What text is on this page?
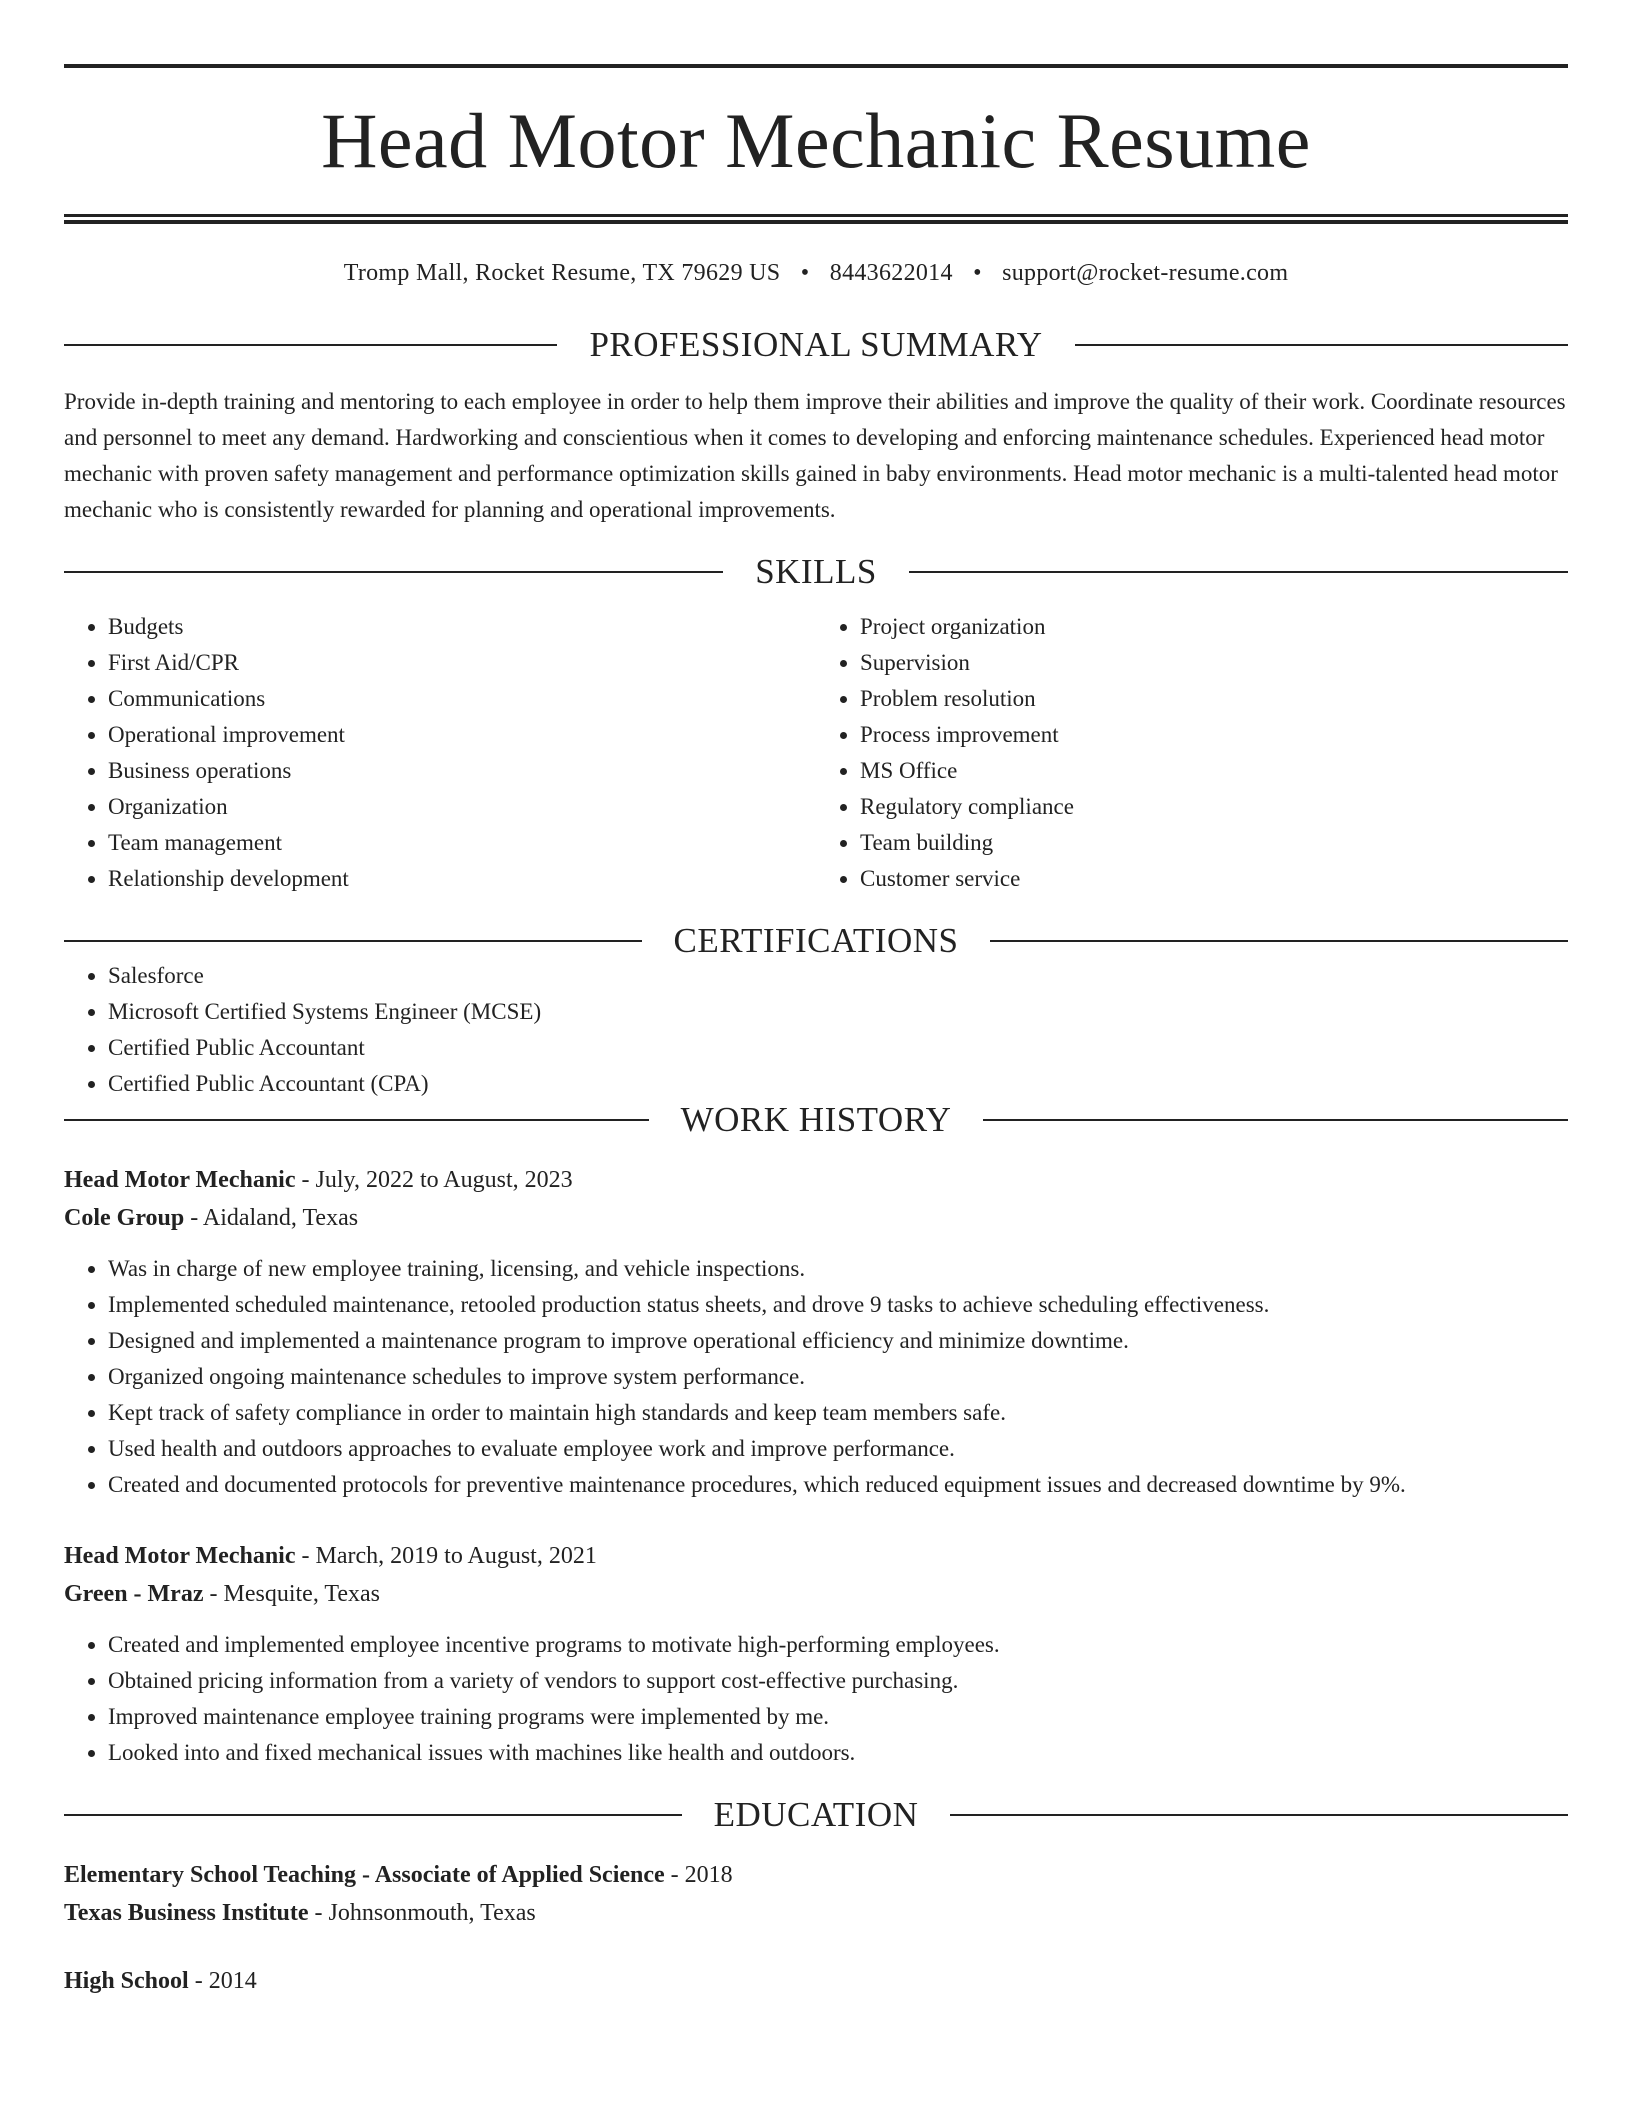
Head Motor Mechanic Resume
Tromp Mall, Rocket Resume, TX 79629 US • 8443622014 • support@rocket-resume.com
PROFESSIONAL SUMMARY
Provide in-depth training and mentoring to each employee in order to help them improve their abilities and improve the quality of their work. Coordinate resources and personnel to meet any demand. Hardworking and conscientious when it comes to developing and enforcing maintenance schedules. Experienced head motor mechanic with proven safety management and performance optimization skills gained in baby environments. Head motor mechanic is a multi-talented head motor mechanic who is consistently rewarded for planning and operational improvements.
SKILLS
• Budgets
• First Aid/CPR
• Communications
• Operational improvement
• Business operations
• Organization
• Team management
• Relationship development
• Project organization
• Supervision
• Problem resolution
• Process improvement
• MS Office
• Regulatory compliance
• Team building
• Customer service
CERTIFICATIONS
• Salesforce
• Microsoft Certified Systems Engineer (MCSE)
• Certified Public Accountant
• Certified Public Accountant (CPA)
WORK HISTORY
Head Motor Mechanic - July, 2022 to August, 2023
Cole Group - Aidaland, Texas
• Was in charge of new employee training, licensing, and vehicle inspections.
• Implemented scheduled maintenance, retooled production status sheets, and drove 9 tasks to achieve scheduling effectiveness.
• Designed and implemented a maintenance program to improve operational efficiency and minimize downtime.
• Organized ongoing maintenance schedules to improve system performance.
• Kept track of safety compliance in order to maintain high standards and keep team members safe.
• Used health and outdoors approaches to evaluate employee work and improve performance.
• Created and documented protocols for preventive maintenance procedures, which reduced equipment issues and decreased downtime by 9%.
Head Motor Mechanic - March, 2019 to August, 2021
Green - Mraz - Mesquite, Texas
• Created and implemented employee incentive programs to motivate high-performing employees.
• Obtained pricing information from a variety of vendors to support cost-effective purchasing.
• Improved maintenance employee training programs were implemented by me.
• Looked into and fixed mechanical issues with machines like health and outdoors.
EDUCATION
Elementary School Teaching - Associate of Applied Science - 2018
Texas Business Institute - Johnsonmouth, Texas
High School - 2014
